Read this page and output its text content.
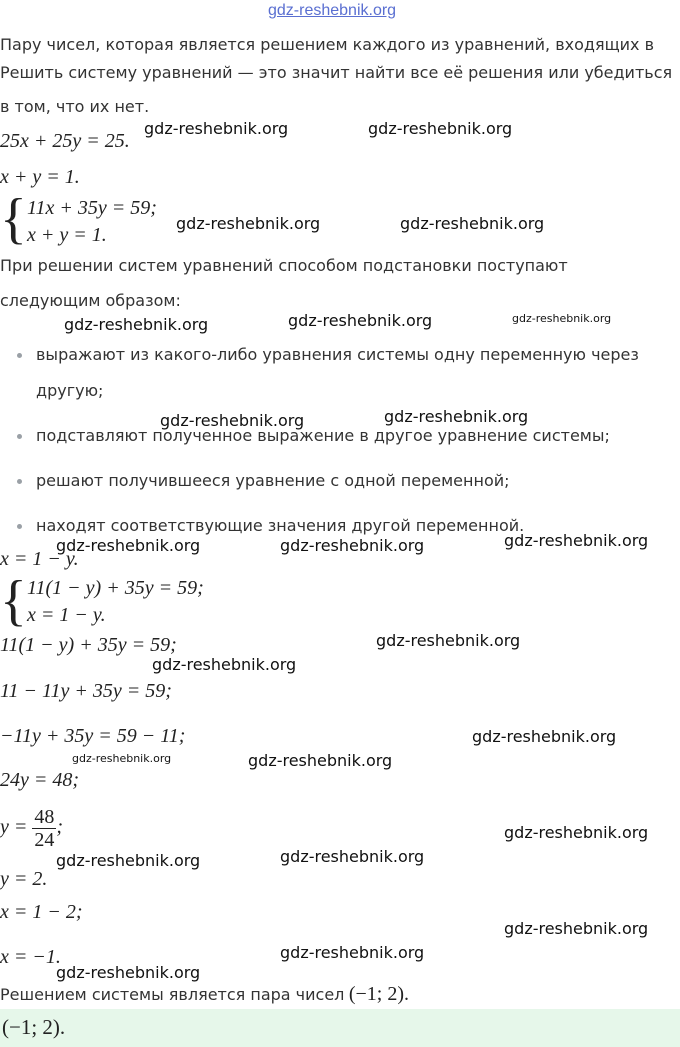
gdz-reshebnik.org
Пару чисел, которая является решением каждого из уравнений, входящих в
Решить систему уравнений — это значит найти все её решения или убедиться
в том, что их нет.
25x + 25y = 25.
x + y = 1.
{ 11x + 35y = 59;
x + y = 1.
При решении систем уравнений способом подстановки поступают
следующим образом:
выражают из какого-либо уравнения системы одну переменную через
другую;
подставляют полученное выражение в другое уравнение системы;
решают получившееся уравнение с одной переменной;
находят соответствующие значения другой переменной.
x = 1 − y.
{ 11(1 − y) + 35y = 59;
x = 1 − y.
11(1 − y) + 35y = 59;
11 − 11y + 35y = 59;
−11y + 35y = 59 − 11;
24y = 48;
$y = \frac{48}{24}$ ;
y = 2.
x = 1 − 2;
x = −1.
Решением системы является пара чисел (−1; 2).
(−1; 2).
gdz-reshebnik.org	gdz-reshebnik.org
gdz-reshebnik.org	gdz-reshebnik.org
gdz-reshebnik.org	gdz-reshebnik.org	gdz-reshebnik.org
gdz-reshebnik.org	gdz-reshebnik.org
gdz-reshebnik.org	gdz-reshebnik.org	gdz-reshebnik.org
gdz-reshebnik.org
gdz-reshebnik.org
gdz-reshebnik.org
gdz-reshebnik.org	gdz-reshebnik.org
gdz-reshebnik.org
gdz-reshebnik.org	gdz-reshebnik.org
gdz-reshebnik.org
gdz-reshebnik.org
gdz-reshebnik.org
